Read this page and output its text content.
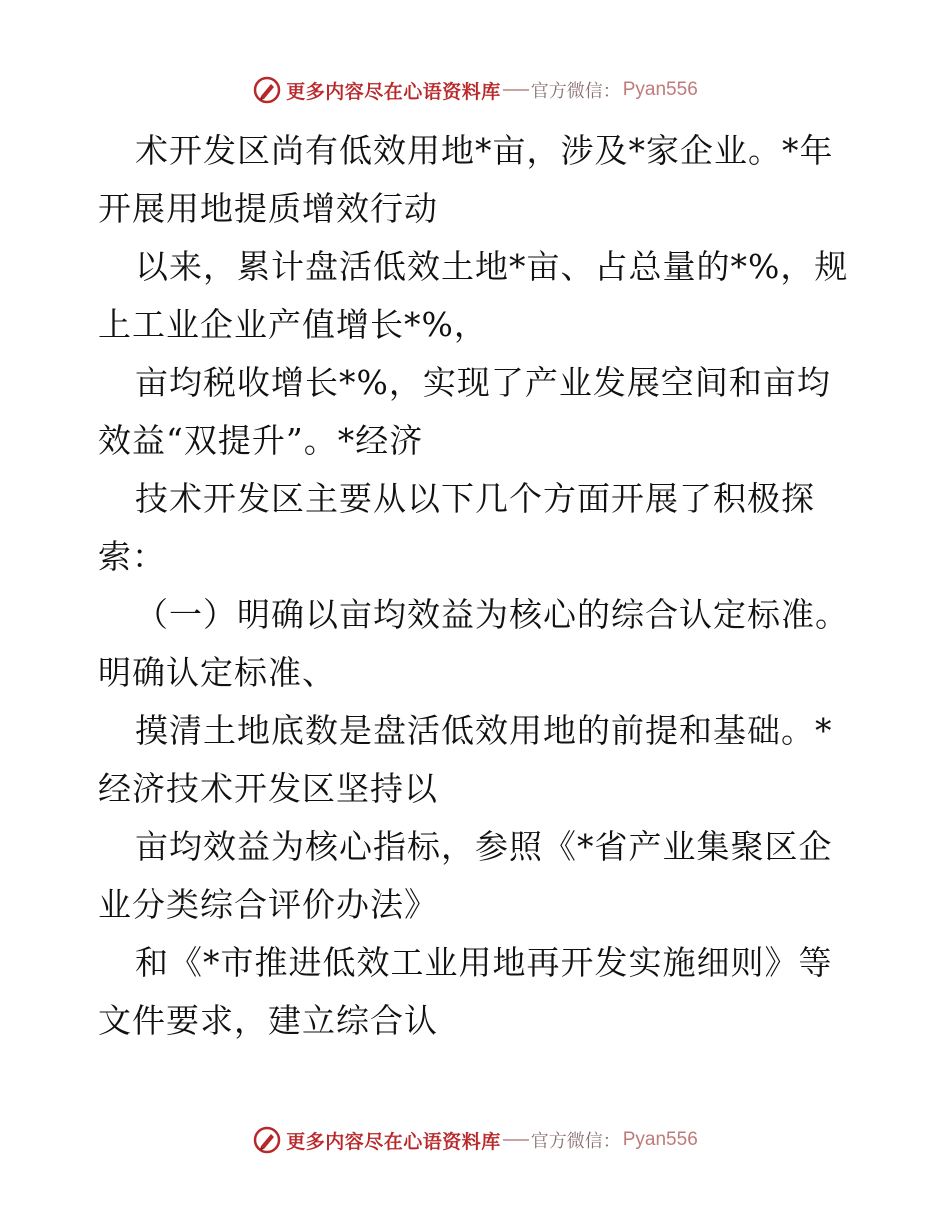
更多内容尽在心语资料库 官方微信： Pyan556

术开发区尚有低效用地*亩，涉及*家企业。*年开展用地提质增效行动

以来，累计盘活低效土地*亩、占总量的*%，规上工业企业产值增长*%，

亩均税收增长*%，实现了产业发展空间和亩均效益“双提升”。*经济

技术开发区主要从以下几个方面开展了积极探索：

（一）明确以亩均效益为核心的综合认定标准。明确认定标准、

摸清土地底数是盘活低效用地的前提和基础。*经济技术开发区坚持以

亩均效益为核心指标，参照《*省产业集聚区企业分类综合评价办法》

和《*市推进低效工业用地再开发实施细则》等文件要求，建立综合认

更多内容尽在心语资料库 官方微信： Pyan556
